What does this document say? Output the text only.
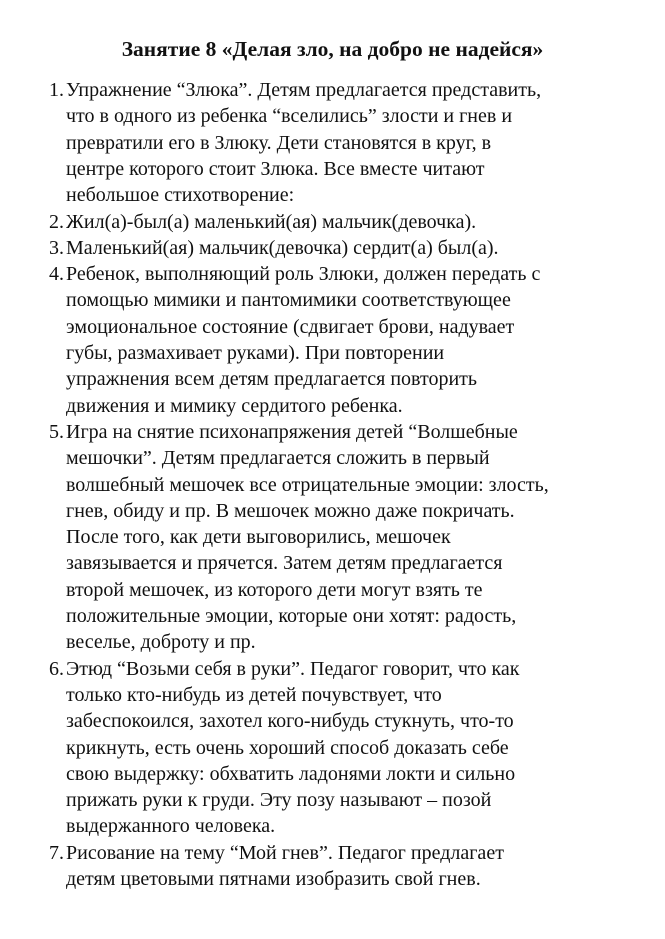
Занятие 8 «Делая зло, на добро не надейся»
1. Упражнение “Злюка”. Детям предлагается представить,
что в одного из ребенка “вселились” злости и гнев и
превратили его в Злюку. Дети становятся в круг, в
центре которого стоит Злюка. Все вместе читают
небольшое стихотворение:
2. Жил(а)-был(а) маленький(ая) мальчик(девочка).
3. Маленький(ая) мальчик(девочка) сердит(а) был(а).
4. Ребенок, выполняющий роль Злюки, должен передать с
помощью мимики и пантомимики соответствующее
эмоциональное состояние (сдвигает брови, надувает
губы, размахивает руками). При повторении
упражнения всем детям предлагается повторить
движения и мимику сердитого ребенка.
5. Игра на снятие психонапряжения детей “Волшебные
мешочки”. Детям предлагается сложить в первый
волшебный мешочек все отрицательные эмоции: злость,
гнев, обиду и пр. В мешочек можно даже покричать.
После того, как дети выговорились, мешочек
завязывается и прячется. Затем детям предлагается
второй мешочек, из которого дети могут взять те
положительные эмоции, которые они хотят: радость,
веселье, доброту и пр.
6. Этюд “Возьми себя в руки”. Педагог говорит, что как
только кто-нибудь из детей почувствует, что
забеспокоился, захотел кого-нибудь стукнуть, что-то
крикнуть, есть очень хороший способ доказать себе
свою выдержку: обхватить ладонями локти и сильно
прижать руки к груди. Эту позу называют – позой
выдержанного человека.
7. Рисование на тему “Мой гнев”. Педагог предлагает
детям цветовыми пятнами изобразить свой гнев.
